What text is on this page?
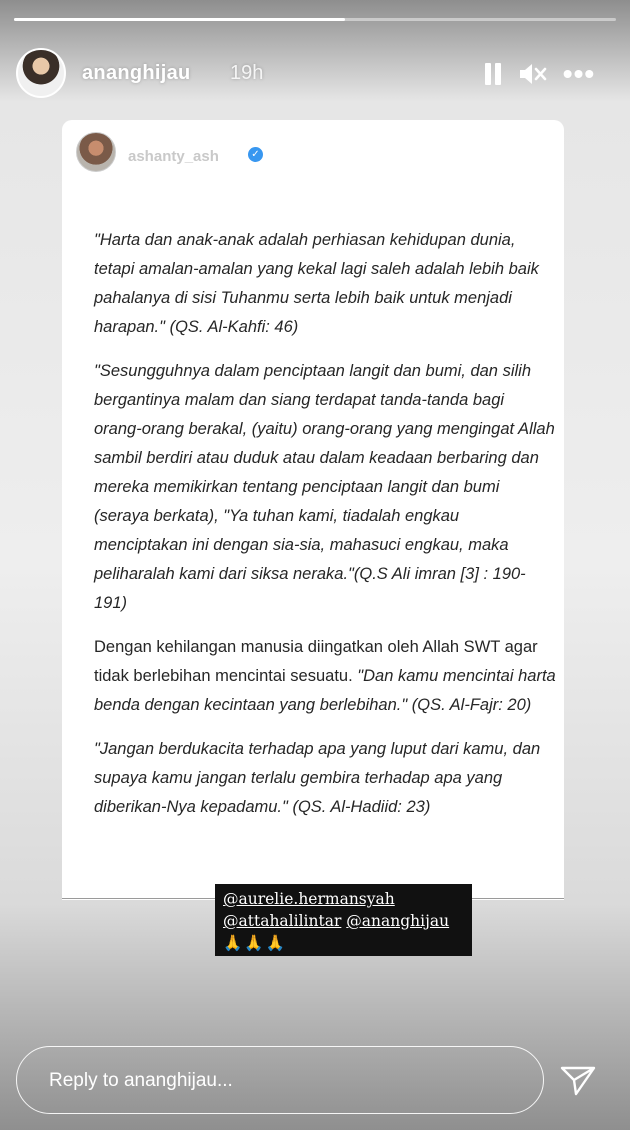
ananghijau 19h	•••
ashanty_ash	✓

"Harta dan anak-anak adalah perhiasan kehidupan dunia, tetapi amalan-amalan yang kekal lagi saleh adalah lebih baik pahalanya di sisi Tuhanmu serta lebih baik untuk menjadi harapan." (QS. Al-Kahfi: 46)

"Sesungguhnya dalam penciptaan langit dan bumi, dan silih bergantinya malam dan siang terdapat tanda-tanda bagi orang-orang berakal, (yaitu) orang-orang yang mengingat Allah sambil berdiri atau duduk atau dalam keadaan berbaring dan mereka memikirkan tentang penciptaan langit dan bumi (seraya berkata), "Ya tuhan kami, tiadalah engkau menciptakan ini dengan sia-sia, mahasuci engkau, maka peliharalah kami dari siksa neraka."(Q.S Ali imran [3] : 190-191)

Dengan kehilangan manusia diingatkan oleh Allah SWT agar tidak berlebihan mencintai sesuatu. "Dan kamu mencintai harta benda dengan kecintaan yang berlebihan." (QS. Al-Fajr: 20)

"Jangan berdukacita terhadap apa yang luput dari kamu, dan supaya kamu jangan terlalu gembira terhadap apa yang diberikan-Nya kepadamu." (QS. Al-Hadiid: 23)

@aurelie.hermansyah
@attahalilintar @ananghijau
🙏🙏🙏
Reply to ananghijau...
